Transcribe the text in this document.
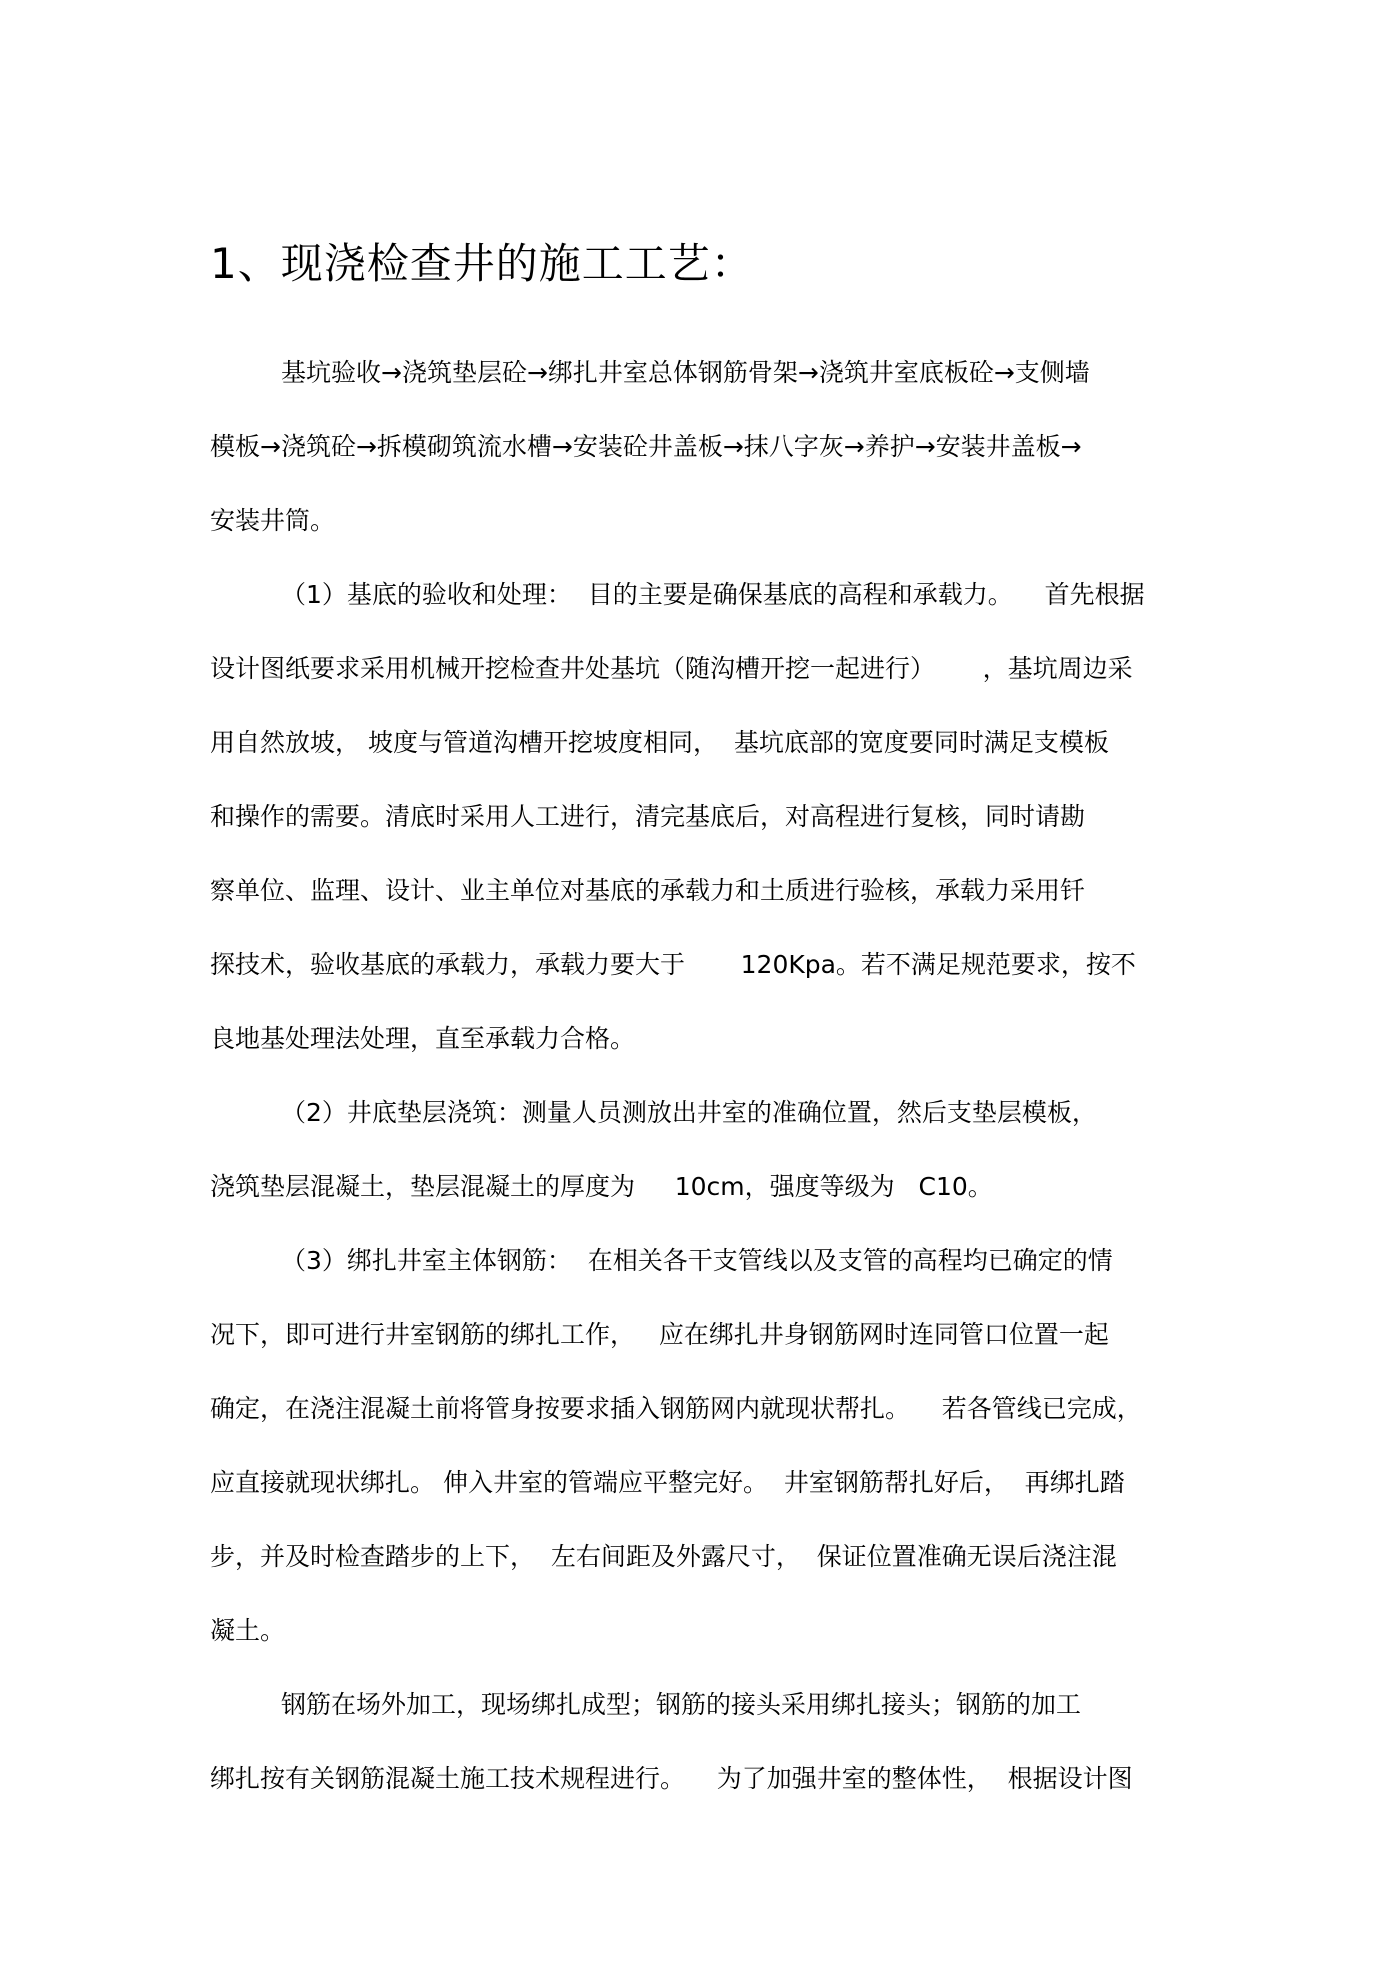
1、现浇检查井的施工工艺：
基坑验收→浇筑垫层砼→绑扎井室总体钢筋骨架→浇筑井室底板砼→支侧墙
模板→浇筑砼→拆模砌筑流水槽→安装砼井盖板→抹八字灰→养护→安装井盖板→
安装井筒。
（1）基底的验收和处理：  目的主要是确保基底的高程和承载力。    首先根据
设计图纸要求采用机械开挖检查井处基坑（随沟槽开挖一起进行）      ，基坑周边采
用自然放坡， 坡度与管道沟槽开挖坡度相同，  基坑底部的宽度要同时满足支模板
和操作的需要。清底时采用人工进行，清完基底后，对高程进行复核，同时请勘
察单位、监理、设计、业主单位对基底的承载力和土质进行验核，承载力采用钎
探技术，验收基底的承载力，承载力要大于       120Kpa。若不满足规范要求，按不
良地基处理法处理，直至承载力合格。
（2）井底垫层浇筑：测量人员测放出井室的准确位置，然后支垫层模板，
浇筑垫层混凝土，垫层混凝土的厚度为     10cm，强度等级为   C10。
（3）绑扎井室主体钢筋：  在相关各干支管线以及支管的高程均已确定的情
况下，即可进行井室钢筋的绑扎工作，   应在绑扎井身钢筋网时连同管口位置一起
确定，在浇注混凝土前将管身按要求插入钢筋网内就现状帮扎。    若各管线已完成，
应直接就现状绑扎。 伸入井室的管端应平整完好。  井室钢筋帮扎好后，  再绑扎踏
步，并及时检查踏步的上下，  左右间距及外露尺寸，  保证位置准确无误后浇注混
凝土。
钢筋在场外加工，现场绑扎成型；钢筋的接头采用绑扎接头；钢筋的加工
绑扎按有关钢筋混凝土施工技术规程进行。    为了加强井室的整体性，  根据设计图
